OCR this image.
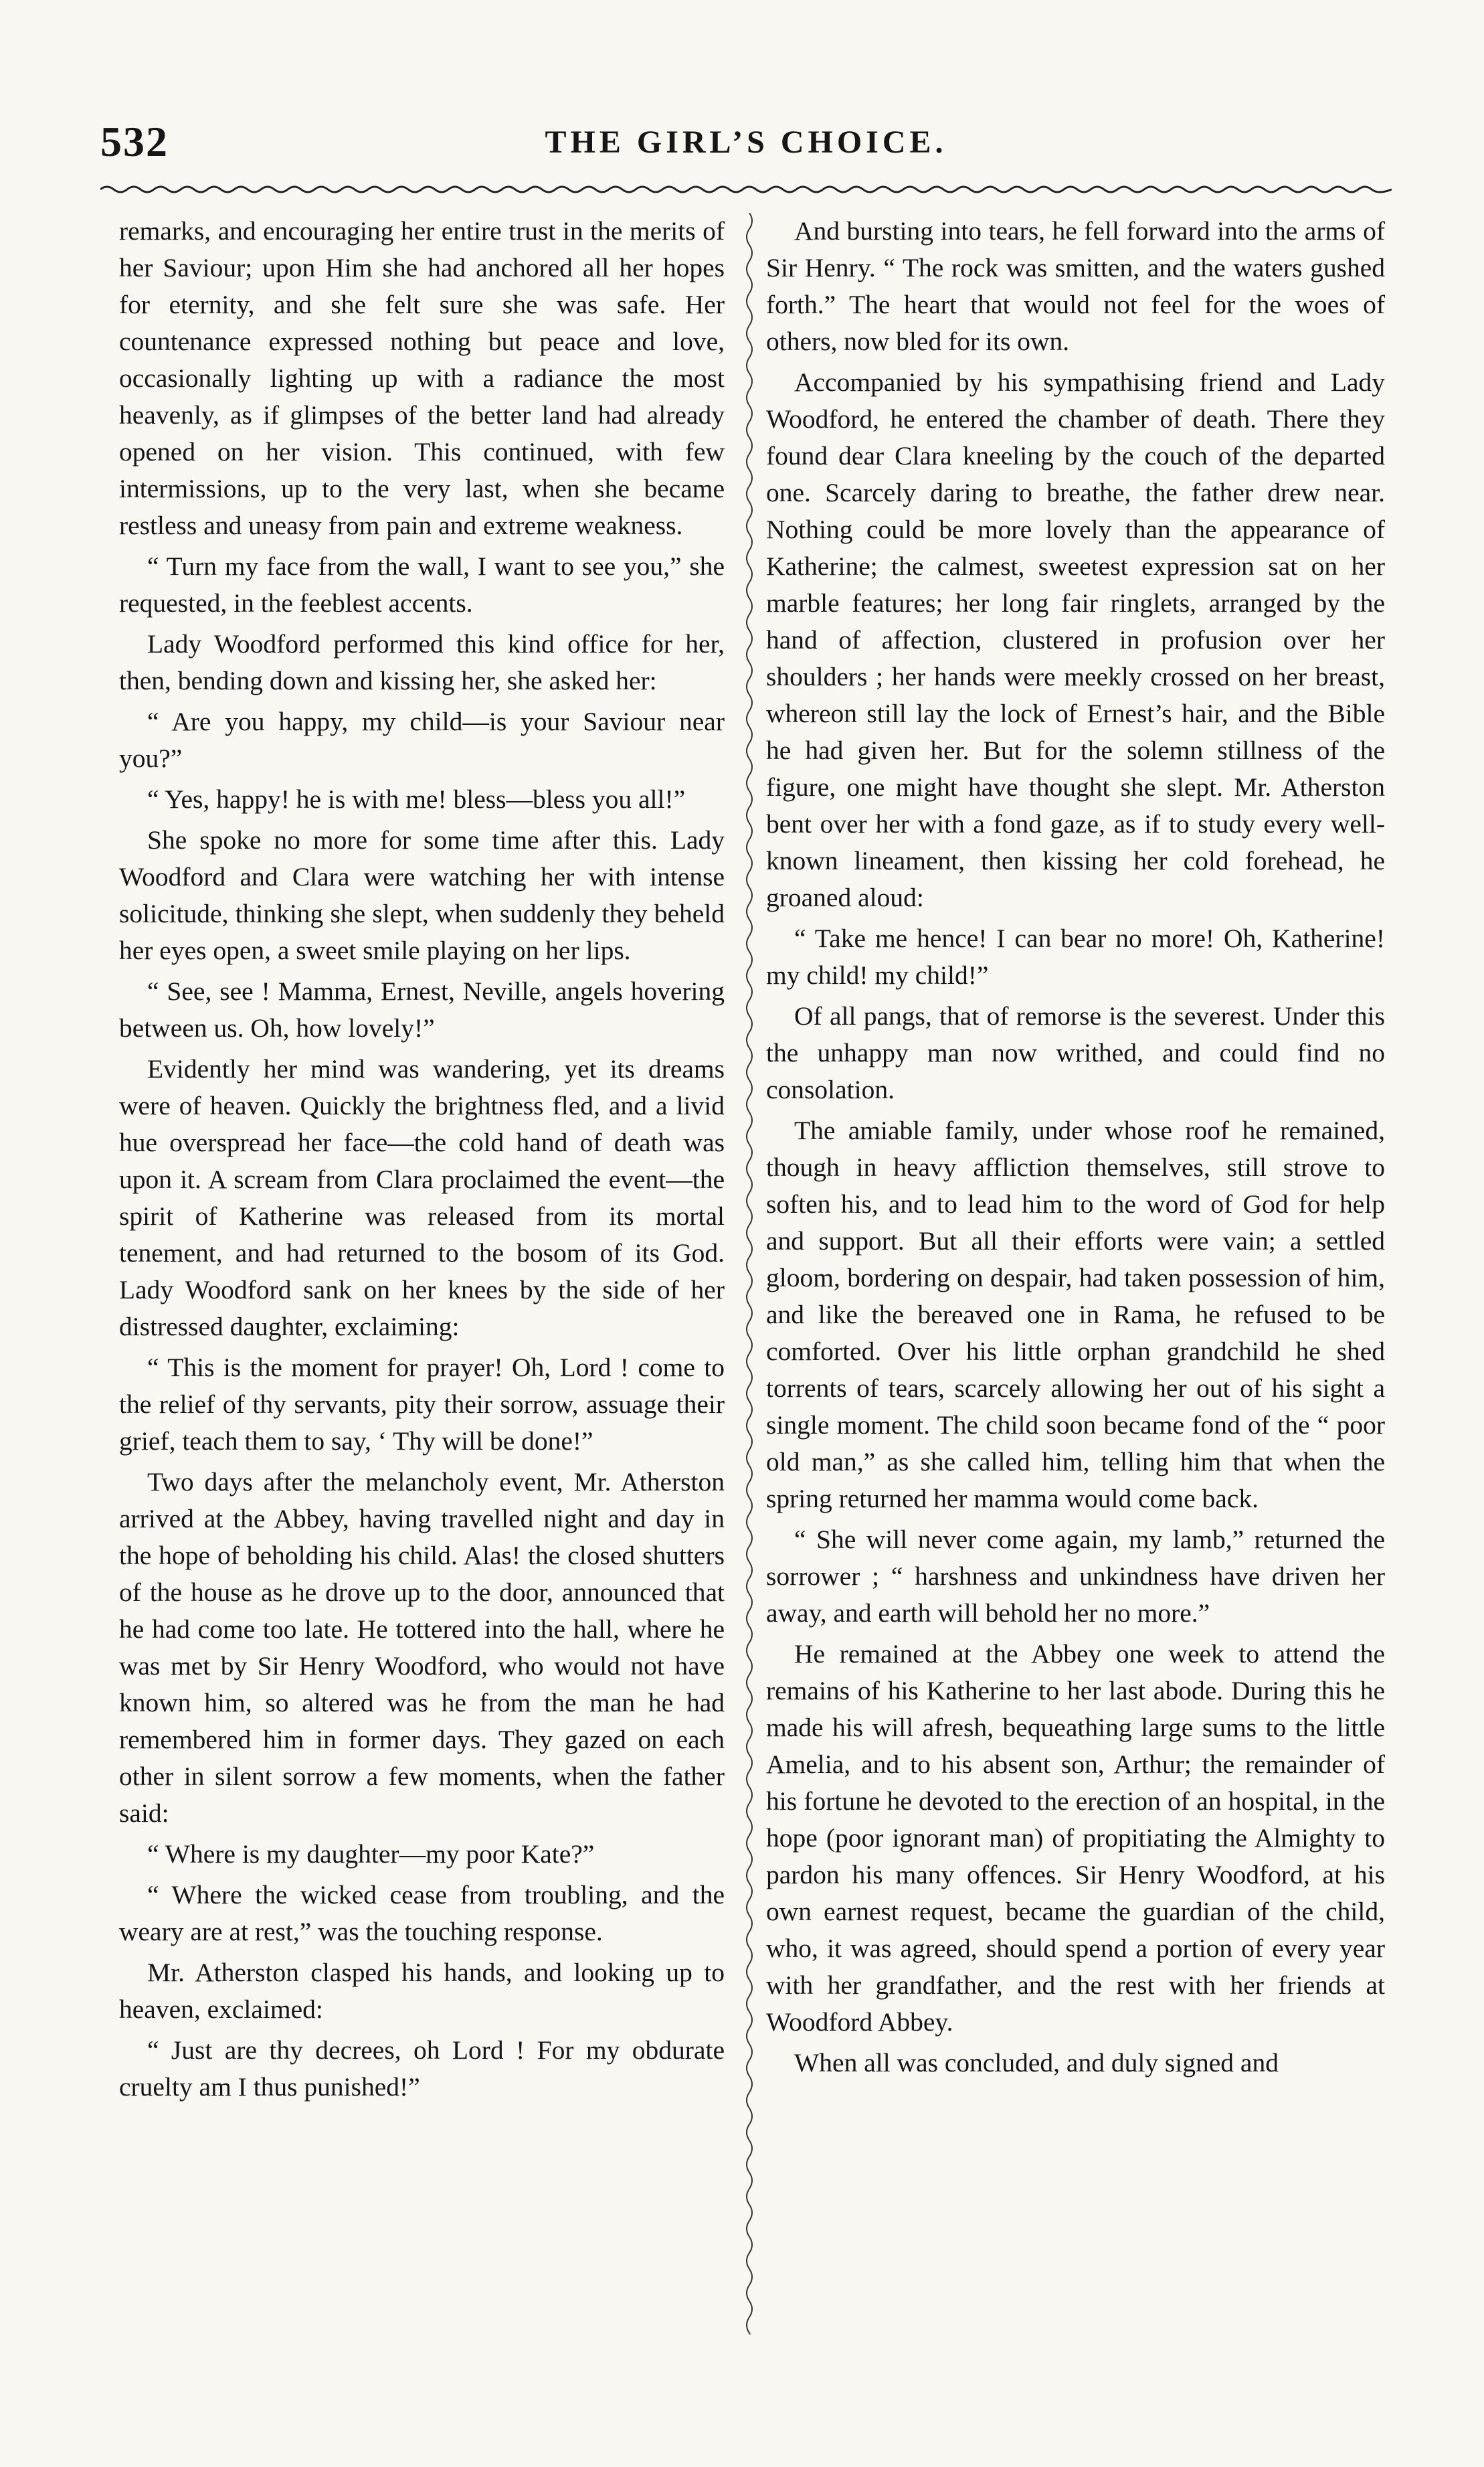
532	THE GIRL’S CHOICE.

remarks, and encouraging her entire trust in the merits of her Saviour; upon Him she had anchored all her hopes for eternity, and she felt sure she was safe. Her countenance expressed nothing but peace and love, occasionally lighting up with a radiance the most heavenly, as if glimpses of the better land had already opened on her vision. This continued, with few intermissions, up to the very last, when she became restless and uneasy from pain and extreme weakness.

“ Turn my face from the wall, I want to see you,” she requested, in the feeblest accents.

Lady Woodford performed this kind office for her, then, bending down and kissing her, she asked her:

“ Are you happy, my child—is your Saviour near you?”

“ Yes, happy! he is with me! bless—bless you all!”

She spoke no more for some time after this. Lady Woodford and Clara were watching her with intense solicitude, thinking she slept, when suddenly they beheld her eyes open, a sweet smile playing on her lips.

“ See, see ! Mamma, Ernest, Neville, angels hovering between us. Oh, how lovely!”

Evidently her mind was wandering, yet its dreams were of heaven. Quickly the brightness fled, and a livid hue overspread her face—the cold hand of death was upon it. A scream from Clara proclaimed the event—the spirit of Katherine was released from its mortal tenement, and had returned to the bosom of its God. Lady Woodford sank on her knees by the side of her distressed daughter, exclaiming:

“ This is the moment for prayer! Oh, Lord ! come to the relief of thy servants, pity their sorrow, assuage their grief, teach them to say, ‘ Thy will be done!”

Two days after the melancholy event, Mr. Atherston arrived at the Abbey, having travelled night and day in the hope of beholding his child. Alas! the closed shutters of the house as he drove up to the door, announced that he had come too late. He tottered into the hall, where he was met by Sir Henry Woodford, who would not have known him, so altered was he from the man he had remembered him in former days. They gazed on each other in silent sorrow a few moments, when the father said:

“ Where is my daughter—my poor Kate?”

“ Where the wicked cease from troubling, and the weary are at rest,” was the touching response.

Mr. Atherston clasped his hands, and looking up to heaven, exclaimed:

“ Just are thy decrees, oh Lord ! For my obdurate cruelty am I thus punished!”

And bursting into tears, he fell forward into the arms of Sir Henry. “ The rock was smitten, and the waters gushed forth.” The heart that would not feel for the woes of others, now bled for its own.

Accompanied by his sympathising friend and Lady Woodford, he entered the chamber of death. There they found dear Clara kneeling by the couch of the departed one. Scarcely daring to breathe, the father drew near. Nothing could be more lovely than the appearance of Katherine; the calmest, sweetest expression sat on her marble features; her long fair ringlets, arranged by the hand of affection, clustered in profusion over her shoulders ; her hands were meekly crossed on her breast, whereon still lay the lock of Ernest’s hair, and the Bible he had given her. But for the solemn stillness of the figure, one might have thought she slept. Mr. Atherston bent over her with a fond gaze, as if to study every well-known lineament, then kissing her cold forehead, he groaned aloud:

“ Take me hence! I can bear no more! Oh, Katherine! my child! my child!”

Of all pangs, that of remorse is the severest. Under this the unhappy man now writhed, and could find no consolation.

The amiable family, under whose roof he remained, though in heavy affliction themselves, still strove to soften his, and to lead him to the word of God for help and support. But all their efforts were vain; a settled gloom, bordering on despair, had taken possession of him, and like the bereaved one in Rama, he refused to be comforted. Over his little orphan grandchild he shed torrents of tears, scarcely allowing her out of his sight a single moment. The child soon became fond of the “ poor old man,” as she called him, telling him that when the spring returned her mamma would come back.

“ She will never come again, my lamb,” returned the sorrower ; “ harshness and unkindness have driven her away, and earth will behold her no more.”

He remained at the Abbey one week to attend the remains of his Katherine to her last abode. During this he made his will afresh, bequeathing large sums to the little Amelia, and to his absent son, Arthur; the remainder of his fortune he devoted to the erection of an hospital, in the hope (poor ignorant man) of propitiating the Almighty to pardon his many offences. Sir Henry Woodford, at his own earnest request, became the guardian of the child, who, it was agreed, should spend a portion of every year with her grandfather, and the rest with her friends at Woodford Abbey.

When all was concluded, and duly signed and
